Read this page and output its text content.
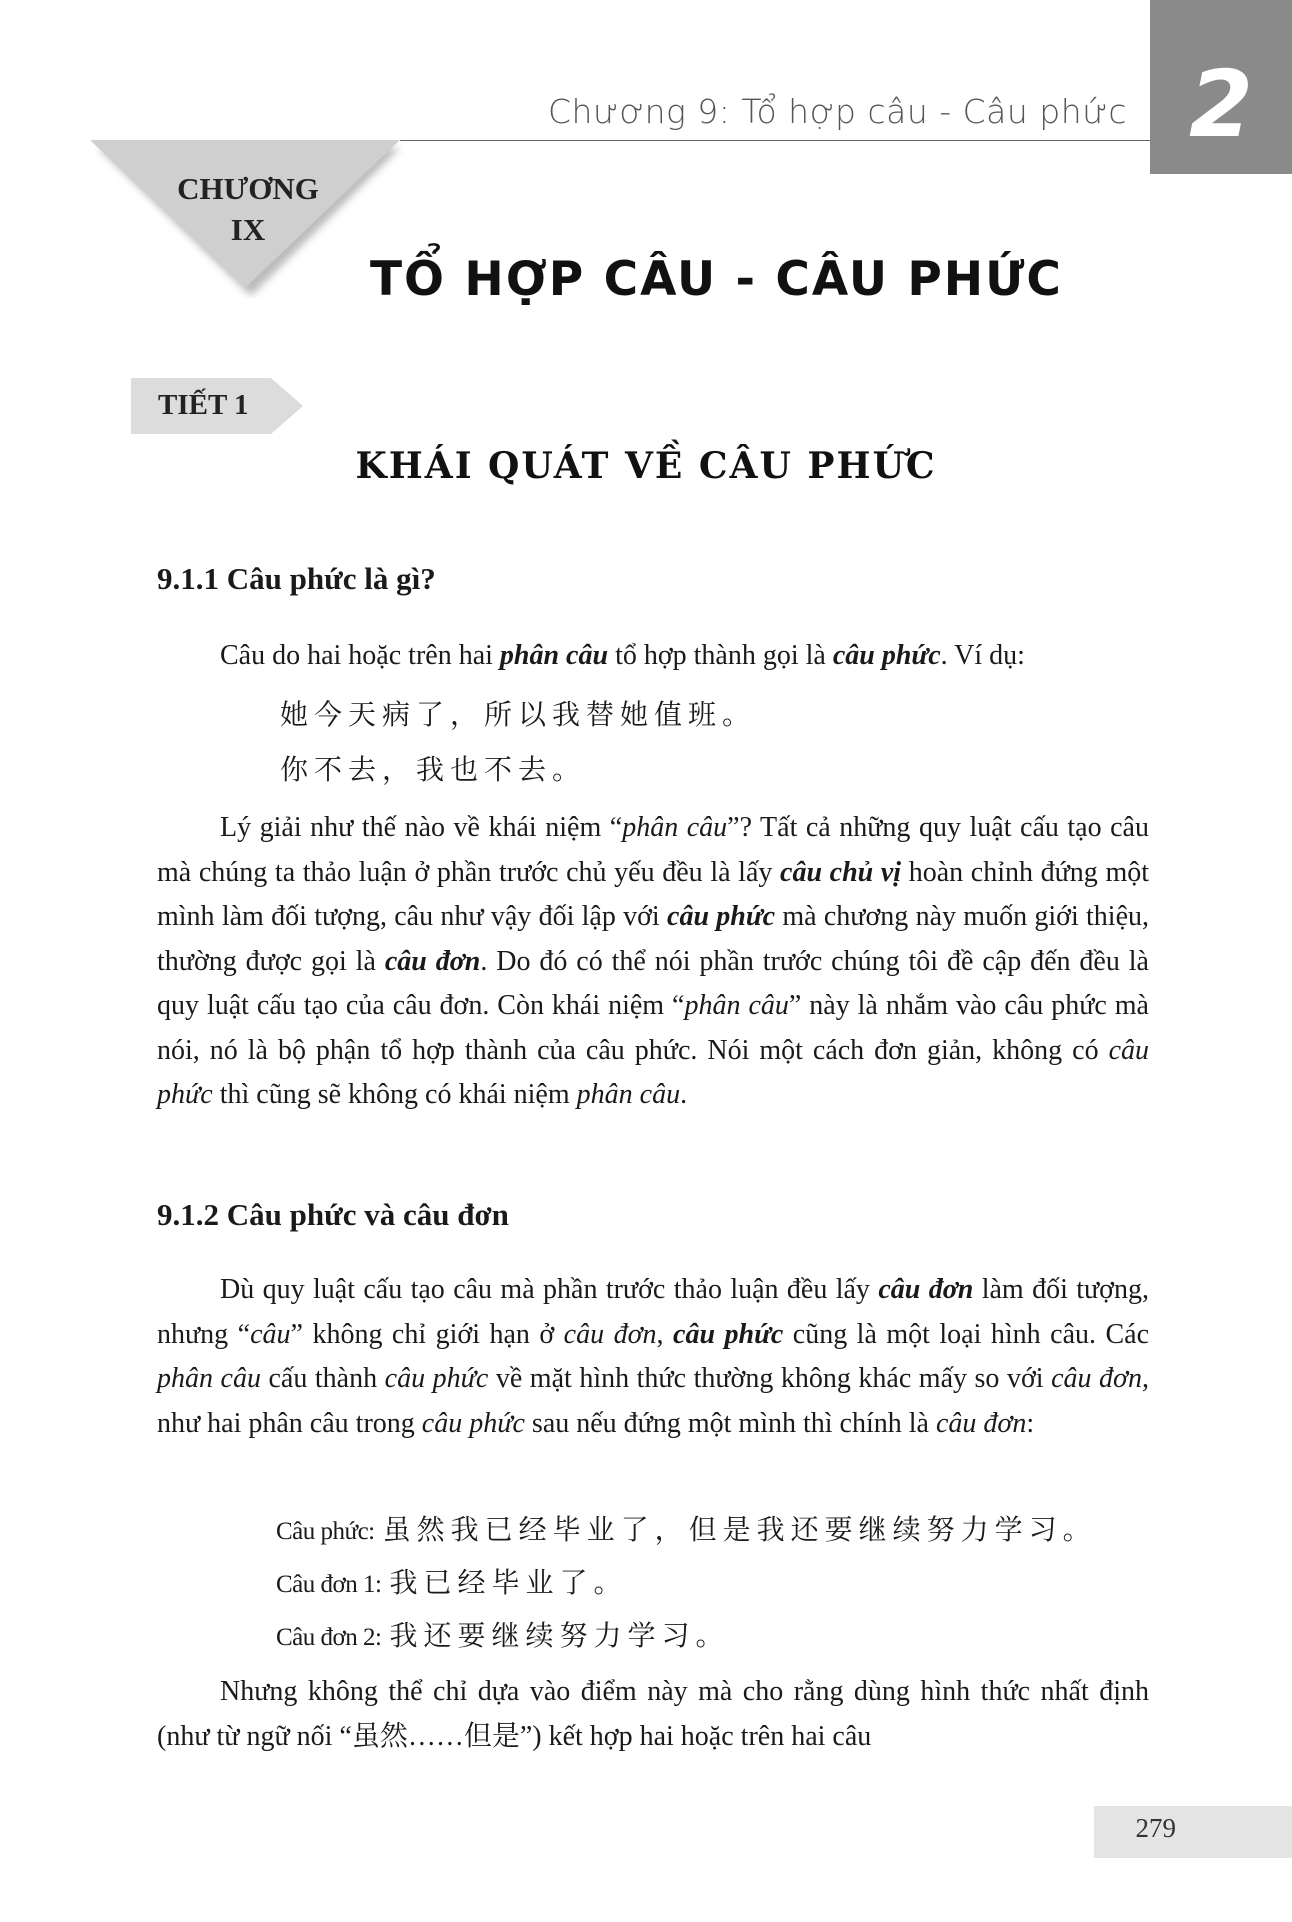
Chương 9: Tổ hợp câu - Câu phức 2
CHƯƠNG
IX
TỔ HỢP CÂU - CÂU PHỨC
TIẾT 1
KHÁI QUÁT VỀ CÂU PHỨC
9.1.1 Câu phức là gì?

Câu do hai hoặc trên hai phân câu tổ hợp thành gọi là câu phức. Ví dụ:

她今天病了，所以我替她值班。
你不去，我也不去。

Lý giải như thế nào về khái niệm “phân câu”? Tất cả những quy luật cấu tạo câu mà chúng ta thảo luận ở phần trước chủ yếu đều là lấy câu chủ vị hoàn chỉnh đứng một mình làm đối tượng, câu như vậy đối lập với câu phức mà chương này muốn giới thiệu, thường được gọi là câu đơn. Do đó có thể nói phần trước chúng tôi đề cập đến đều là quy luật cấu tạo của câu đơn. Còn khái niệm “phân câu” này là nhắm vào câu phức mà nói, nó là bộ phận tổ hợp thành của câu phức. Nói một cách đơn giản, không có câu phức thì cũng sẽ không có khái niệm phân câu.

9.1.2 Câu phức và câu đơn

Dù quy luật cấu tạo câu mà phần trước thảo luận đều lấy câu đơn làm đối tượng, nhưng “câu” không chỉ giới hạn ở câu đơn, câu phức cũng là một loại hình câu. Các phân câu cấu thành câu phức về mặt hình thức thường không khác mấy so với câu đơn, như hai phân câu trong câu phức sau nếu đứng một mình thì chính là câu đơn:

Câu phức: 虽然我已经毕业了，但是我还要继续努力学习。
Câu đơn 1: 我已经毕业了。
Câu đơn 2: 我还要继续努力学习。

Nhưng không thể chỉ dựa vào điểm này mà cho rằng dùng hình thức nhất định (như từ ngữ nối “虽然……但是”) kết hợp hai hoặc trên hai câu

279
